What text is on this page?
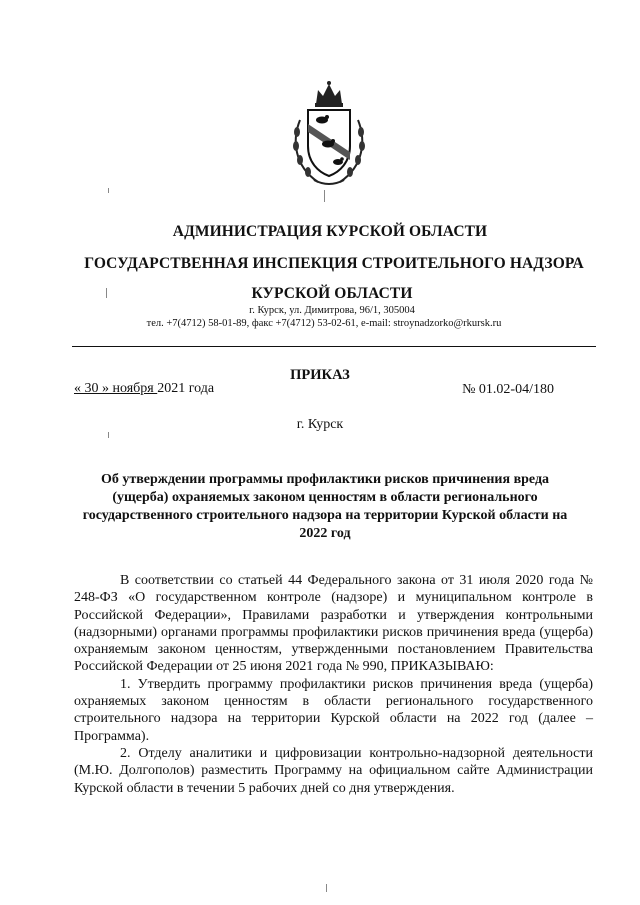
АДМИНИСТРАЦИЯ КУРСКОЙ ОБЛАСТИ
ГОСУДАРСТВЕННАЯ ИНСПЕКЦИЯ СТРОИТЕЛЬНОГО НАДЗОРА
КУРСКОЙ ОБЛАСТИ
г. Курск, ул. Димитрова, 96/1, 305004
тел. +7(4712) 58-01-89, факс +7(4712) 53-02-61, e-mail: stroynadzorko@rkursk.ru
ПРИКАЗ
« 30 » ноября 2021 года	№ 01.02-04/180
г. Курск
Об утверждении программы профилактики рисков причинения вреда (ущерба) охраняемых законом ценностям в области регионального государственного строительного надзора на территории Курской области на 2022 год

В соответствии со статьей 44 Федерального закона от 31 июля 2020 года № 248-ФЗ «О государственном контроле (надзоре) и муниципальном контроле в Российской Федерации», Правилами разработки и утверждения контрольными (надзорными) органами программы профилактики рисков причинения вреда (ущерба) охраняемым законом ценностям, утвержденными постановлением Правительства Российской Федерации от 25 июня 2021 года № 990, ПРИКАЗЫВАЮ:

1. Утвердить программу профилактики рисков причинения вреда (ущерба) охраняемых законом ценностям в области регионального государственного строительного надзора на территории Курской области на 2022 год (далее – Программа).

2. Отделу аналитики и цифровизации контрольно-надзорной деятельности (М.Ю. Долгополов) разместить Программу на официальном сайте Администрации Курской области в течении 5 рабочих дней со дня утверждения.
